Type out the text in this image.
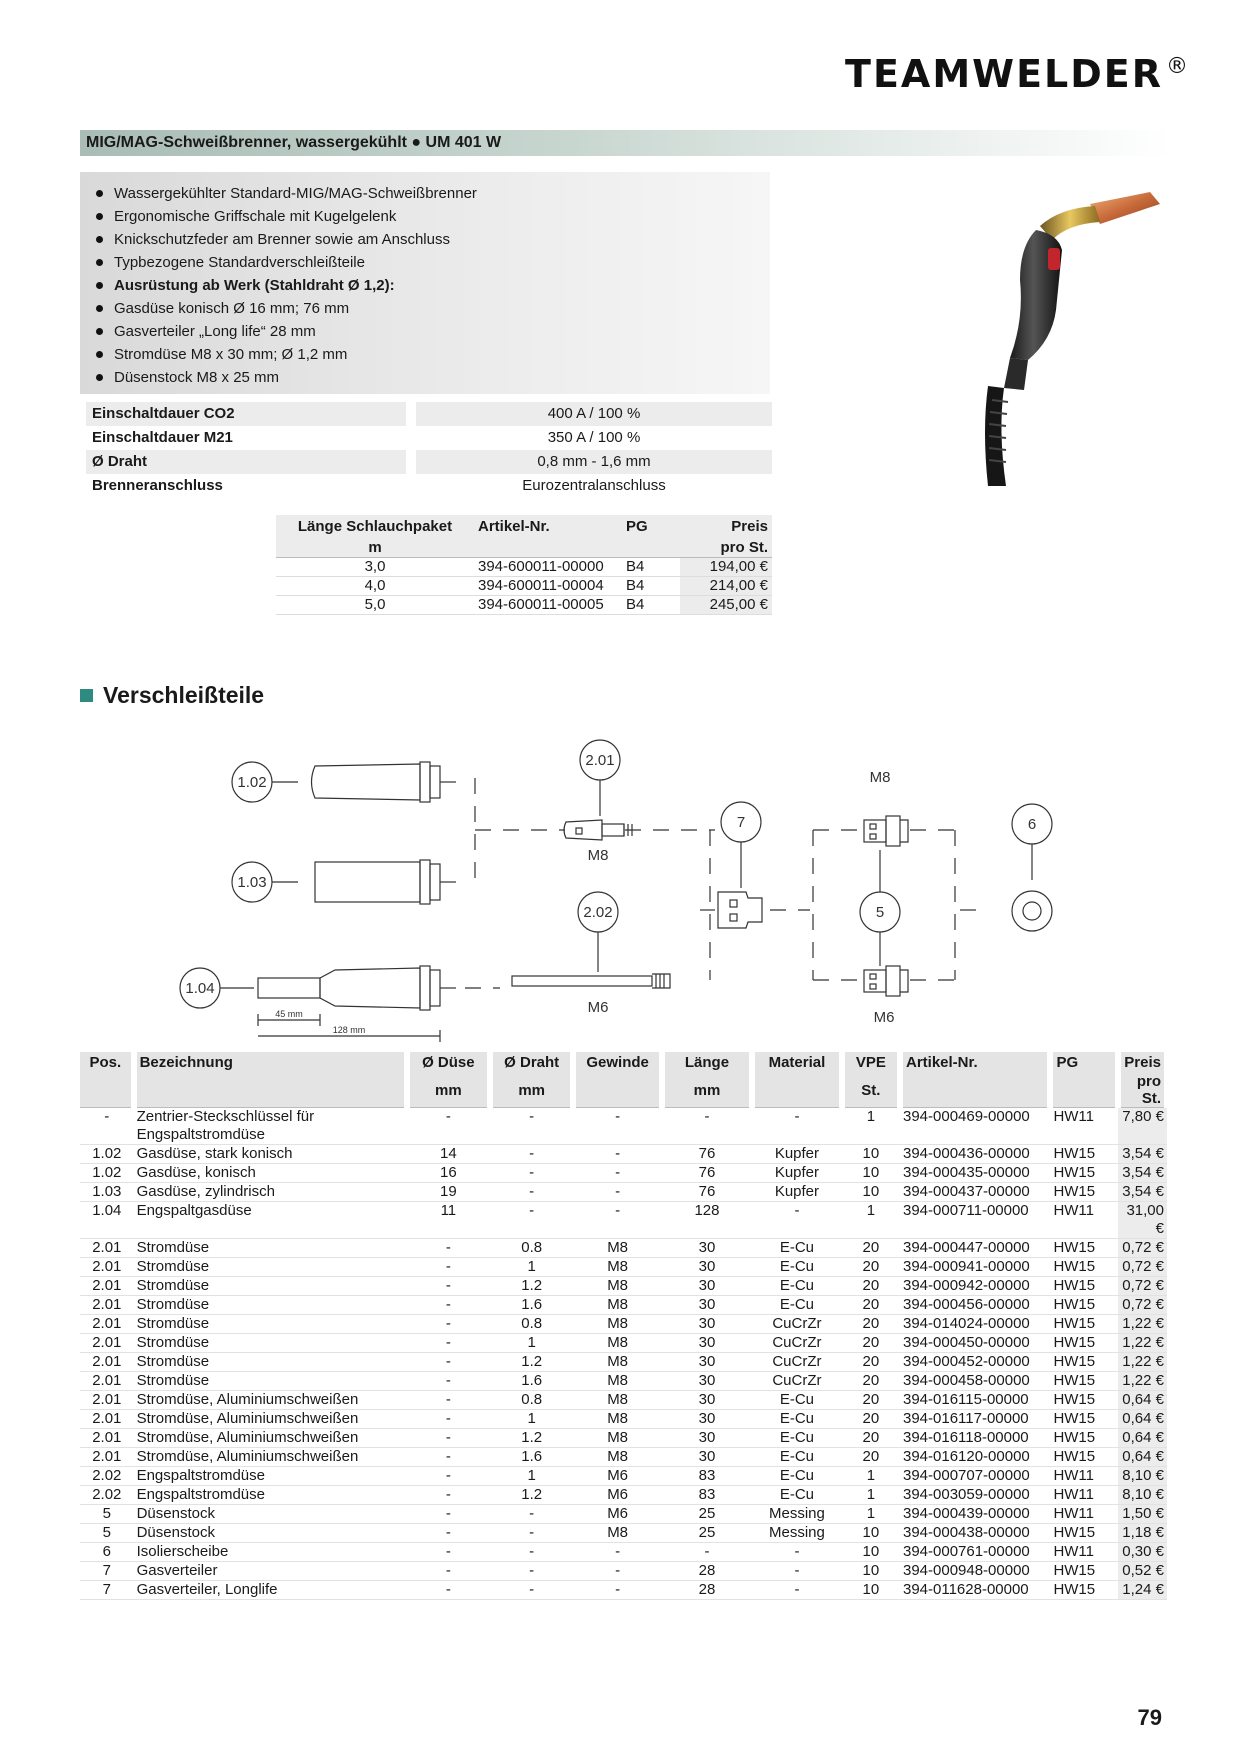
TEAMWELDER ®
MIG/MAG-Schweißbrenner, wassergekühlt ● UM 401 W
Wassergekühlter Standard-MIG/MAG-Schweißbrenner
Ergonomische Griffschale mit Kugelgelenk
Knickschutzfeder am Brenner sowie am Anschluss
Typbezogene Standardverschleißteile
Ausrüstung ab Werk (Stahldraht Ø 1,2):
Gasdüse konisch Ø 16 mm; 76 mm
Gasverteiler „Long life“ 28 mm
Stromdüse M8 x 30 mm; Ø 1,2 mm
Düsenstock M8 x 25 mm
Einschaltdauer CO2	400 A / 100 %
Einschaltdauer M21	350 A / 100 %
Ø Draht	0,8 mm - 1,6 mm
Brenneranschluss	Eurozentralanschluss
Länge Schlauchpaket	Artikel-Nr.	PG	Preis
m			pro St.
3,0	394-600011-00000	B4	194,00 €
4,0	394-600011-00004	B4	214,00 €
5,0	394-600011-00005	B4	245,00 €
Verschleißteile
1.02
1.03
45 mm
128 mm
1.04
2.01
M8
2.02
M6
7
M8
5
M6
6
Pos.	Bezeichnung	Ø Düse	Ø Draht	Gewinde	Länge	Material	VPE	Artikel-Nr.	PG	Preis
		mm	mm		mm		St.			pro St.
-	Zentrier-Steckschlüssel für Engspaltstromdüse	-	-	-	-	-	1	394-000469-00000	HW11	7,80 €
1.02	Gasdüse, stark konisch	14	-	-	76	Kupfer	10	394-000436-00000	HW15	3,54 €
1.02	Gasdüse, konisch	16	-	-	76	Kupfer	10	394-000435-00000	HW15	3,54 €
1.03	Gasdüse, zylindrisch	19	-	-	76	Kupfer	10	394-000437-00000	HW15	3,54 €
1.04	Engspaltgasdüse	11	-	-	128	-	1	394-000711-00000	HW11	31,00 €
2.01	Stromdüse	-	0.8	M8	30	E-Cu	20	394-000447-00000	HW15	0,72 €
2.01	Stromdüse	-	1	M8	30	E-Cu	20	394-000941-00000	HW15	0,72 €
2.01	Stromdüse	-	1.2	M8	30	E-Cu	20	394-000942-00000	HW15	0,72 €
2.01	Stromdüse	-	1.6	M8	30	E-Cu	20	394-000456-00000	HW15	0,72 €
2.01	Stromdüse	-	0.8	M8	30	CuCrZr	20	394-014024-00000	HW15	1,22 €
2.01	Stromdüse	-	1	M8	30	CuCrZr	20	394-000450-00000	HW15	1,22 €
2.01	Stromdüse	-	1.2	M8	30	CuCrZr	20	394-000452-00000	HW15	1,22 €
2.01	Stromdüse	-	1.6	M8	30	CuCrZr	20	394-000458-00000	HW15	1,22 €
2.01	Stromdüse, Aluminiumschweißen	-	0.8	M8	30	E-Cu	20	394-016115-00000	HW15	0,64 €
2.01	Stromdüse, Aluminiumschweißen	-	1	M8	30	E-Cu	20	394-016117-00000	HW15	0,64 €
2.01	Stromdüse, Aluminiumschweißen	-	1.2	M8	30	E-Cu	20	394-016118-00000	HW15	0,64 €
2.01	Stromdüse, Aluminiumschweißen	-	1.6	M8	30	E-Cu	20	394-016120-00000	HW15	0,64 €
2.02	Engspaltstromdüse	-	1	M6	83	E-Cu	1	394-000707-00000	HW11	8,10 €
2.02	Engspaltstromdüse	-	1.2	M6	83	E-Cu	1	394-003059-00000	HW11	8,10 €
5	Düsenstock	-	-	M6	25	Messing	1	394-000439-00000	HW11	1,50 €
5	Düsenstock	-	-	M8	25	Messing	10	394-000438-00000	HW15	1,18 €
6	Isolierscheibe	-	-	-	-	-	10	394-000761-00000	HW11	0,30 €
7	Gasverteiler	-	-	-	28	-	10	394-000948-00000	HW15	0,52 €
7	Gasverteiler, Longlife	-	-	-	28	-	10	394-011628-00000	HW15	1,24 €
79
